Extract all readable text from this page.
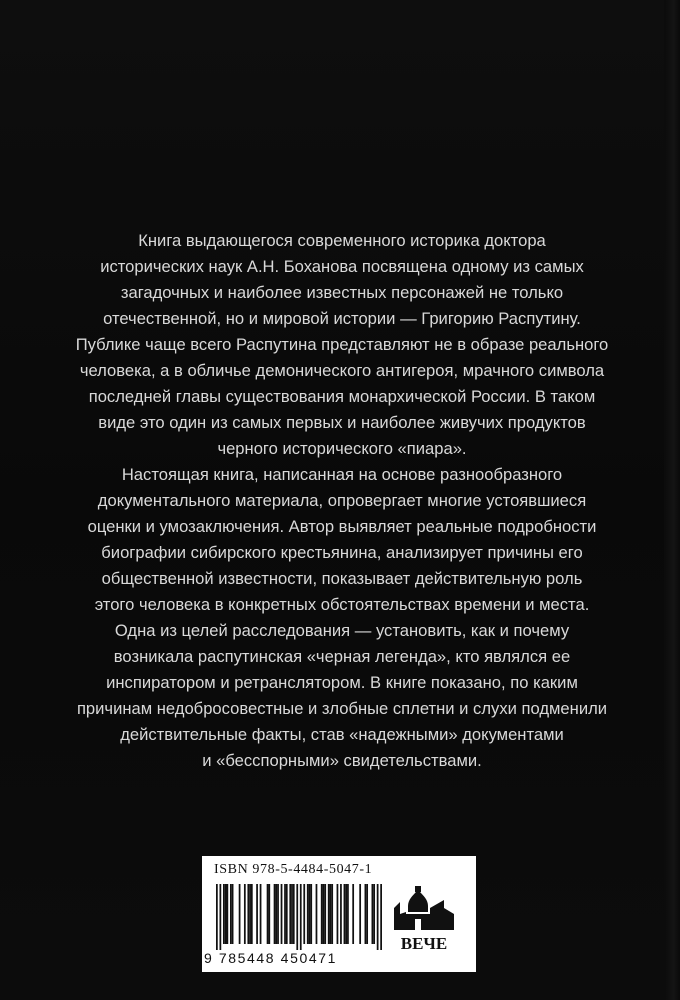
Книга выдающегося современного историка доктора

исторических наук А.Н. Боханова посвящена одному из самых

загадочных и наиболее известных персонажей не только

отечественной, но и мировой истории — Григорию Распутину.

Публике чаще всего Распутина представляют не в образе реального

человека, а в обличье демонического антигероя, мрачного символа

последней главы существования монархической России. В таком

виде это один из самых первых и наиболее живучих продуктов

черного исторического «пиара».

Настоящая книга, написанная на основе разнообразного

документального материала, опровергает многие устоявшиеся

оценки и умозаключения. Автор выявляет реальные подробности

биографии сибирского крестьянина, анализирует причины его

общественной известности, показывает действительную роль

этого человека в конкретных обстоятельствах времени и места.

Одна из целей расследования — установить, как и почему

возникала распутинская «черная легенда», кто являлся ее

инспиратором и ретранслятором. В книге показано, по каким

причинам недобросовестные и злобные сплетни и слухи подменили

действительные факты, став «надежными» документами

и «бесспорными» свидетельствами.

ISBN 978-5-4484-5047-1
9 785448 450471
ВЕЧЕ
